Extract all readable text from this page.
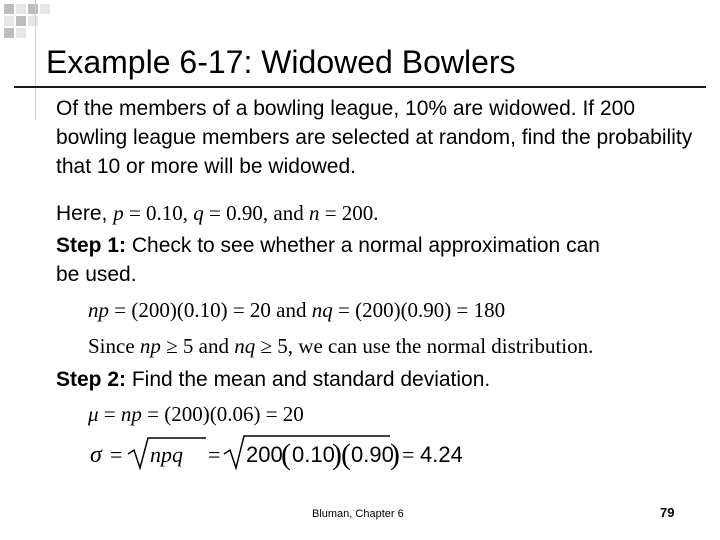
Example 6-17: Widowed Bowlers
Of the members of a bowling league, 10% are widowed. If 200 bowling league members are selected at random, find the probability that 10 or more will be widowed.
Here, p = 0.10, q = 0.90, and n = 200.
Step 1: Check to see whether a normal approximation can
be used.
np = (200)(0.10) = 20 and nq = (200)(0.90) = 180
Since np ≥ 5 and nq ≥ 5, we can use the normal distribution.
Step 2: Find the mean and standard deviation.
μ = np = (200)(0.06) = 20
σ = npq = 200
( 0.10
) ( 0.90
) = 4.24
Bluman, Chapter 6	79
